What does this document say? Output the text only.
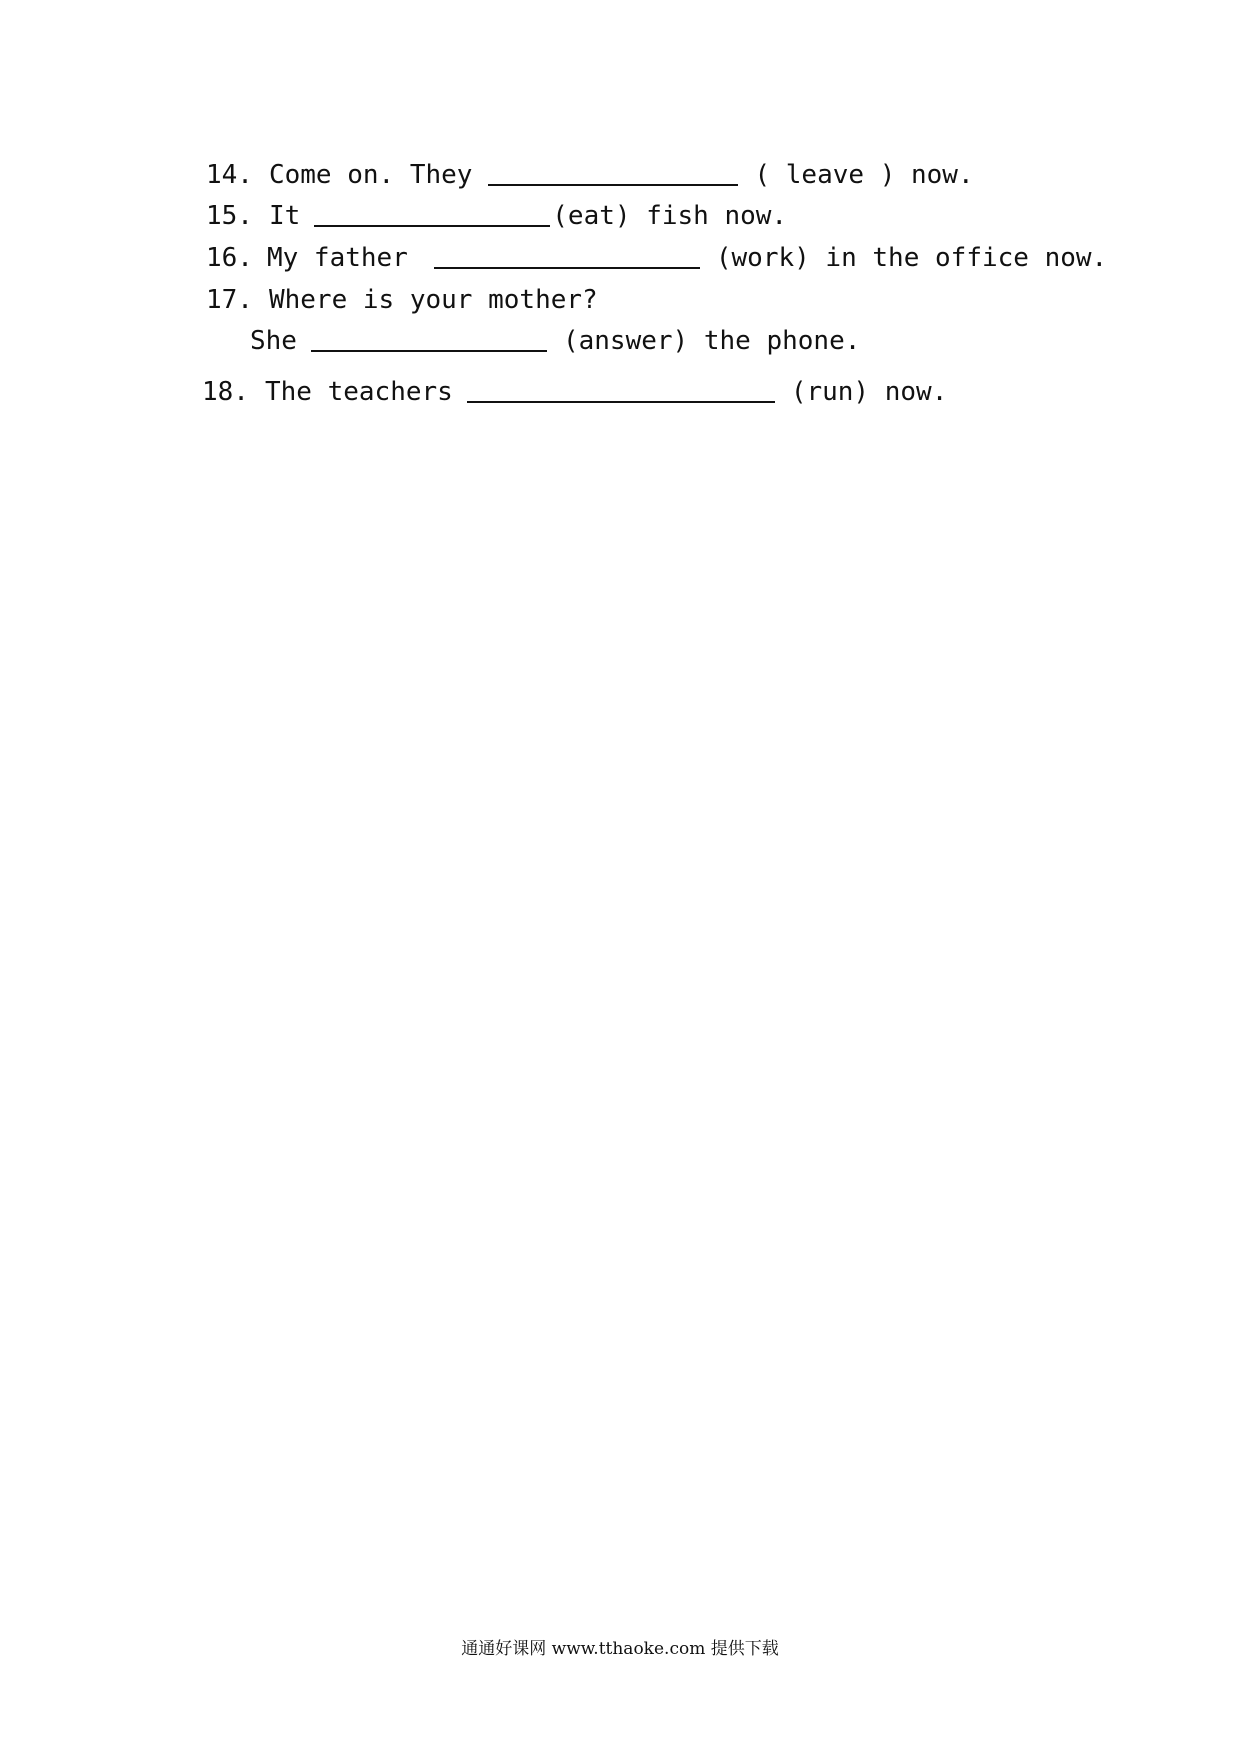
14. Come on. They	( leave ) now.
15. It	(eat) fish now.
16. My father	(work) in the office now.
17. Where is your mother?
She	(answer) the phone.
18. The teachers	(run) now.
通通好课网 www.tthaoke.com 提供下载
